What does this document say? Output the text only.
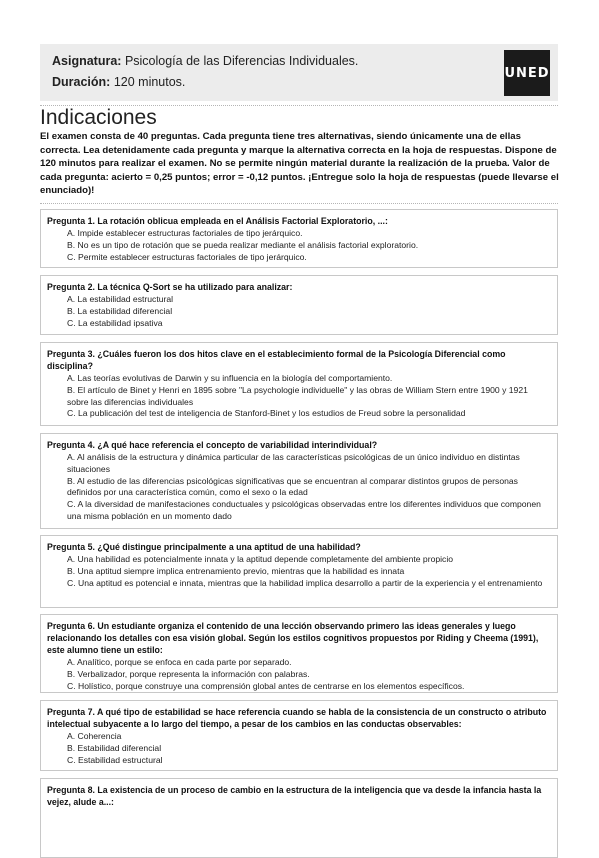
Asignatura: Psicología de las Diferencias Individuales.
Duración: 120 minutos.
UNED
Indicaciones

El examen consta de 40 preguntas. Cada pregunta tiene tres alternativas, siendo únicamente una de ellas correcta. Lea detenidamente cada pregunta y marque la alternativa correcta en la hoja de respuestas. Dispone de 120 minutos para realizar el examen. No se permite ningún material durante la realización de la prueba. Valor de cada pregunta: acierto = 0,25 puntos; error = -0,12 puntos. ¡Entregue solo la hoja de respuestas (puede llevarse el enunciado)!

Pregunta 1. La rotación oblicua empleada en el Análisis Factorial Exploratorio, ...:

A. Impide establecer estructuras factoriales de tipo jerárquico.

B. No es un tipo de rotación que se pueda realizar mediante el análisis factorial exploratorio.

C. Permite establecer estructuras factoriales de tipo jerárquico.

Pregunta 2. La técnica Q-Sort se ha utilizado para analizar:

A. La estabilidad estructural

B. La estabilidad diferencial

C. La estabilidad ipsativa

Pregunta 3. ¿Cuáles fueron los dos hitos clave en el establecimiento formal de la Psicología Diferencial como disciplina?

A. Las teorías evolutivas de Darwin y su influencia en la biología del comportamiento.

B. El artículo de Binet y Henri en 1895 sobre "La psychologie individuelle" y las obras de William Stern entre 1900 y 1921 sobre las diferencias individuales

C. La publicación del test de inteligencia de Stanford-Binet y los estudios de Freud sobre la personalidad

Pregunta 4. ¿A qué hace referencia el concepto de variabilidad interindividual?

A. Al análisis de la estructura y dinámica particular de las características psicológicas de un único individuo en distintas situaciones

B. Al estudio de las diferencias psicológicas significativas que se encuentran al comparar distintos grupos de personas definidos por una característica común, como el sexo o la edad

C. A la diversidad de manifestaciones conductuales y psicológicas observadas entre los diferentes individuos que componen una misma población en un momento dado

Pregunta 5. ¿Qué distingue principalmente a una aptitud de una habilidad?

A. Una habilidad es potencialmente innata y la aptitud depende completamente del ambiente propicio

B. Una aptitud siempre implica entrenamiento previo, mientras que la habilidad es innata

C. Una aptitud es potencial e innata, mientras que la habilidad implica desarrollo a partir de la experiencia y el entrenamiento

Pregunta 6. Un estudiante organiza el contenido de una lección observando primero las ideas generales y luego relacionando los detalles con esa visión global. Según los estilos cognitivos propuestos por Riding y Cheema (1991), este alumno tiene un estilo:

A. Analítico, porque se enfoca en cada parte por separado.

B. Verbalizador, porque representa la información con palabras.

C. Holístico, porque construye una comprensión global antes de centrarse en los elementos específicos.

Pregunta 7. A qué tipo de estabilidad se hace referencia cuando se habla de la consistencia de un constructo o atributo intelectual subyacente a lo largo del tiempo, a pesar de los cambios en las conductas observables:

A. Coherencia

B. Estabilidad diferencial

C. Estabilidad estructural

Pregunta 8. La existencia de un proceso de cambio en la estructura de la inteligencia que va desde la infancia hasta la vejez, alude a...:
